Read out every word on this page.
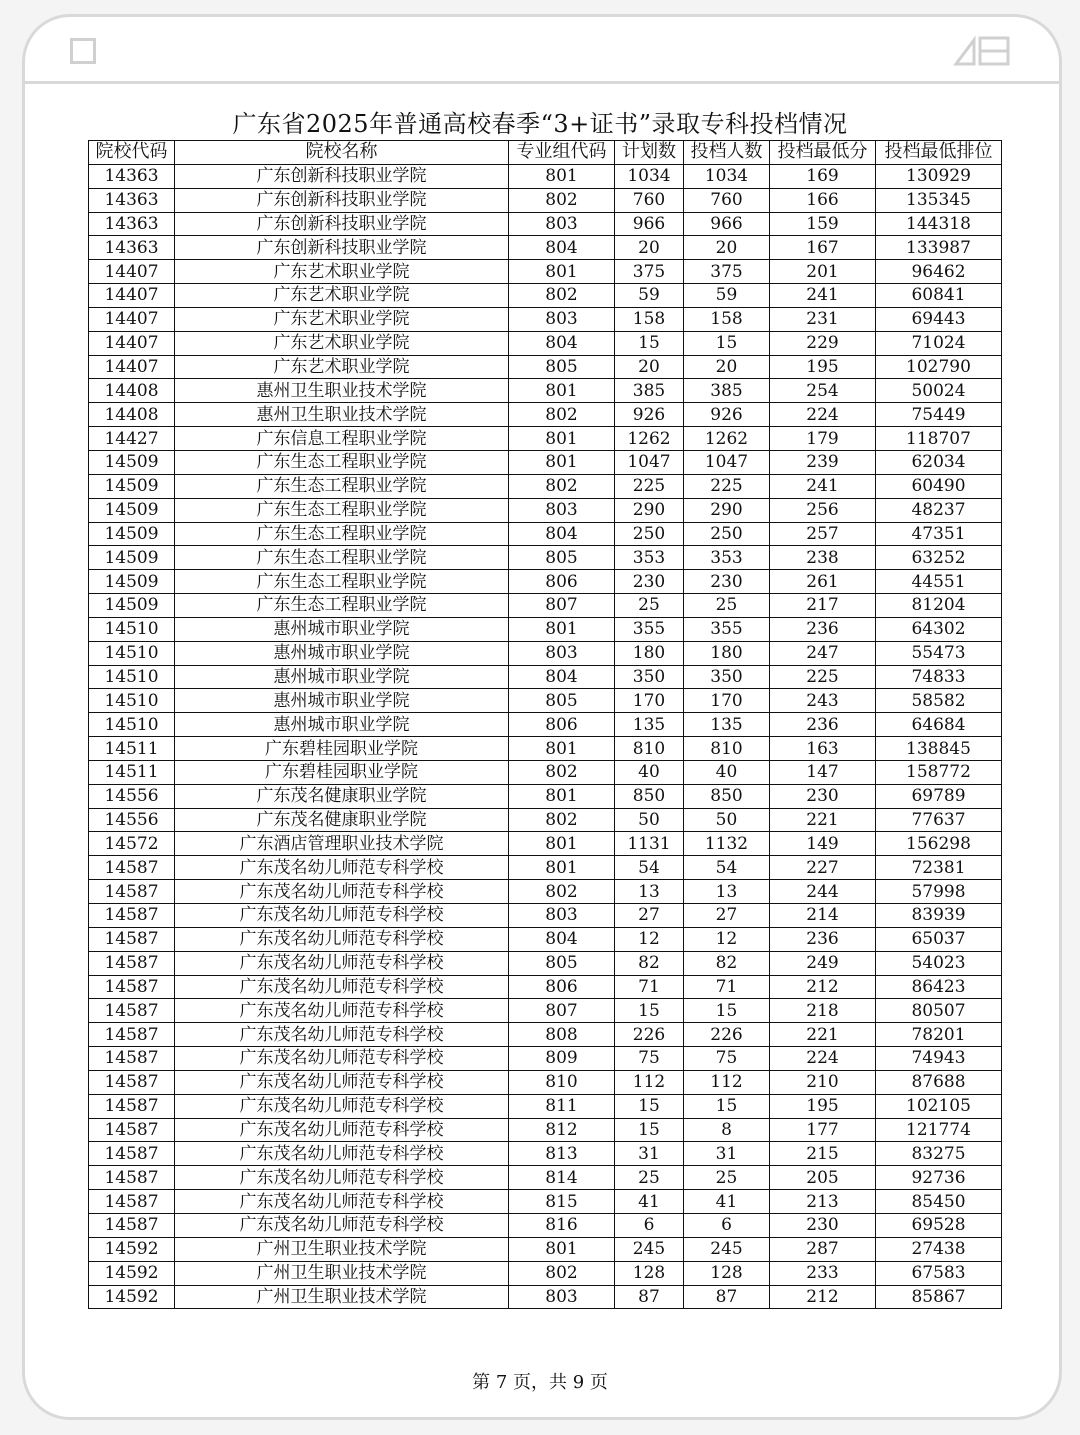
广东省2025年普通高校春季“3+证书”录取专科投档情况
院校代码	院校名称	专业组代码	计划数	投档人数	投档最低分	投档最低排位
14363	广东创新科技职业学院	801	1034	1034	169	130929
14363	广东创新科技职业学院	802	760	760	166	135345
14363	广东创新科技职业学院	803	966	966	159	144318
14363	广东创新科技职业学院	804	20	20	167	133987
14407	广东艺术职业学院	801	375	375	201	96462
14407	广东艺术职业学院	802	59	59	241	60841
14407	广东艺术职业学院	803	158	158	231	69443
14407	广东艺术职业学院	804	15	15	229	71024
14407	广东艺术职业学院	805	20	20	195	102790
14408	惠州卫生职业技术学院	801	385	385	254	50024
14408	惠州卫生职业技术学院	802	926	926	224	75449
14427	广东信息工程职业学院	801	1262	1262	179	118707
14509	广东生态工程职业学院	801	1047	1047	239	62034
14509	广东生态工程职业学院	802	225	225	241	60490
14509	广东生态工程职业学院	803	290	290	256	48237
14509	广东生态工程职业学院	804	250	250	257	47351
14509	广东生态工程职业学院	805	353	353	238	63252
14509	广东生态工程职业学院	806	230	230	261	44551
14509	广东生态工程职业学院	807	25	25	217	81204
14510	惠州城市职业学院	801	355	355	236	64302
14510	惠州城市职业学院	803	180	180	247	55473
14510	惠州城市职业学院	804	350	350	225	74833
14510	惠州城市职业学院	805	170	170	243	58582
14510	惠州城市职业学院	806	135	135	236	64684
14511	广东碧桂园职业学院	801	810	810	163	138845
14511	广东碧桂园职业学院	802	40	40	147	158772
14556	广东茂名健康职业学院	801	850	850	230	69789
14556	广东茂名健康职业学院	802	50	50	221	77637
14572	广东酒店管理职业技术学院	801	1131	1132	149	156298
14587	广东茂名幼儿师范专科学校	801	54	54	227	72381
14587	广东茂名幼儿师范专科学校	802	13	13	244	57998
14587	广东茂名幼儿师范专科学校	803	27	27	214	83939
14587	广东茂名幼儿师范专科学校	804	12	12	236	65037
14587	广东茂名幼儿师范专科学校	805	82	82	249	54023
14587	广东茂名幼儿师范专科学校	806	71	71	212	86423
14587	广东茂名幼儿师范专科学校	807	15	15	218	80507
14587	广东茂名幼儿师范专科学校	808	226	226	221	78201
14587	广东茂名幼儿师范专科学校	809	75	75	224	74943
14587	广东茂名幼儿师范专科学校	810	112	112	210	87688
14587	广东茂名幼儿师范专科学校	811	15	15	195	102105
14587	广东茂名幼儿师范专科学校	812	15	8	177	121774
14587	广东茂名幼儿师范专科学校	813	31	31	215	83275
14587	广东茂名幼儿师范专科学校	814	25	25	205	92736
14587	广东茂名幼儿师范专科学校	815	41	41	213	85450
14587	广东茂名幼儿师范专科学校	816	6	6	230	69528
14592	广州卫生职业技术学院	801	245	245	287	27438
14592	广州卫生职业技术学院	802	128	128	233	67583
14592	广州卫生职业技术学院	803	87	87	212	85867
第 7 页，共 9 页
